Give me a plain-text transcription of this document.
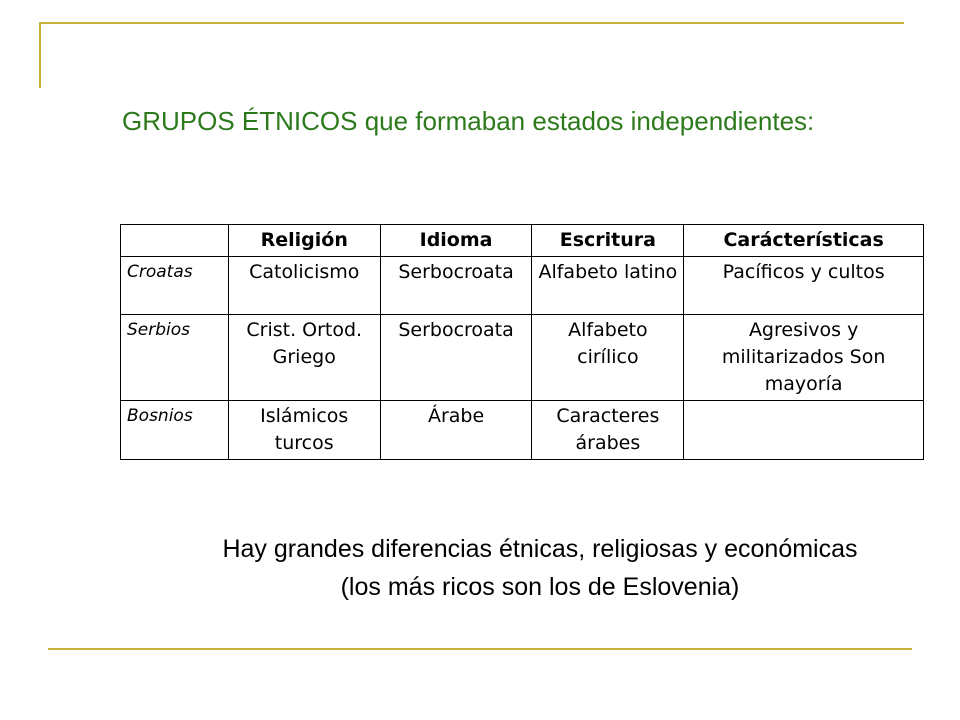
GRUPOS ÉTNICOS que formaban estados independientes:
	Religión	Idioma	Escritura	Carácterísticas
Croatas	Catolicismo	Serbocroata	Alfabeto latino	Pacíficos y cultos
Serbios	Crist. Ortod. Griego	Serbocroata	Alfabeto cirílico	Agresivos y militarizados Son mayoría
Bosnios	Islámicos turcos	Árabe	Caracteres árabes	
Hay grandes diferencias étnicas, religiosas y económicas
(los más ricos son los de Eslovenia)
